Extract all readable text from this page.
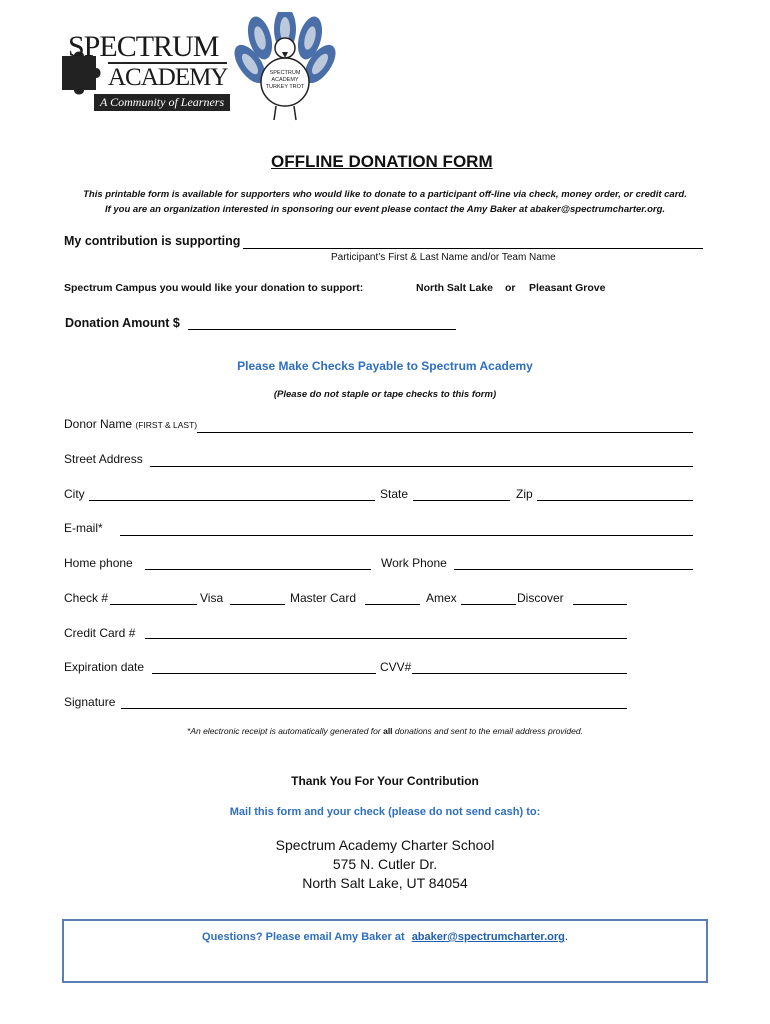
SPECTRUM
ACADEMY
A Community of Learners
SPECTRUM
ACADEMY
TURKEY TROT
OFFLINE DONATION FORM
This printable form is available for supporters who would like to donate to a participant off-line via check, money order, or credit card.
If you are an organization interested in sponsoring our event please contact the Amy Baker at abaker@spectrumcharter.org.
My contribution is supporting
Participant’s First & Last Name and/or Team Name
Spectrum Campus you would like your donation to support:	North Salt Lake or Pleasant Grove
Donation Amount $
Please Make Checks Payable to Spectrum Academy
(Please do not staple or tape checks to this form)
Donor Name (FIRST & LAST)
Street Address
City	State	Zip
E-mail*
Home phone	Work Phone
Check #	Visa	Master Card	Amex	Discover
Credit Card #
Expiration date	CVV#
Signature
*An electronic receipt is automatically generated for all donations and sent to the email address provided.
Thank You For Your Contribution
Mail this form and your check (please do not send cash) to:
Spectrum Academy Charter School
575 N. Cutler Dr.
North Salt Lake, UT 84054
Questions? Please email Amy Baker at abaker@spectrumcharter.org.
